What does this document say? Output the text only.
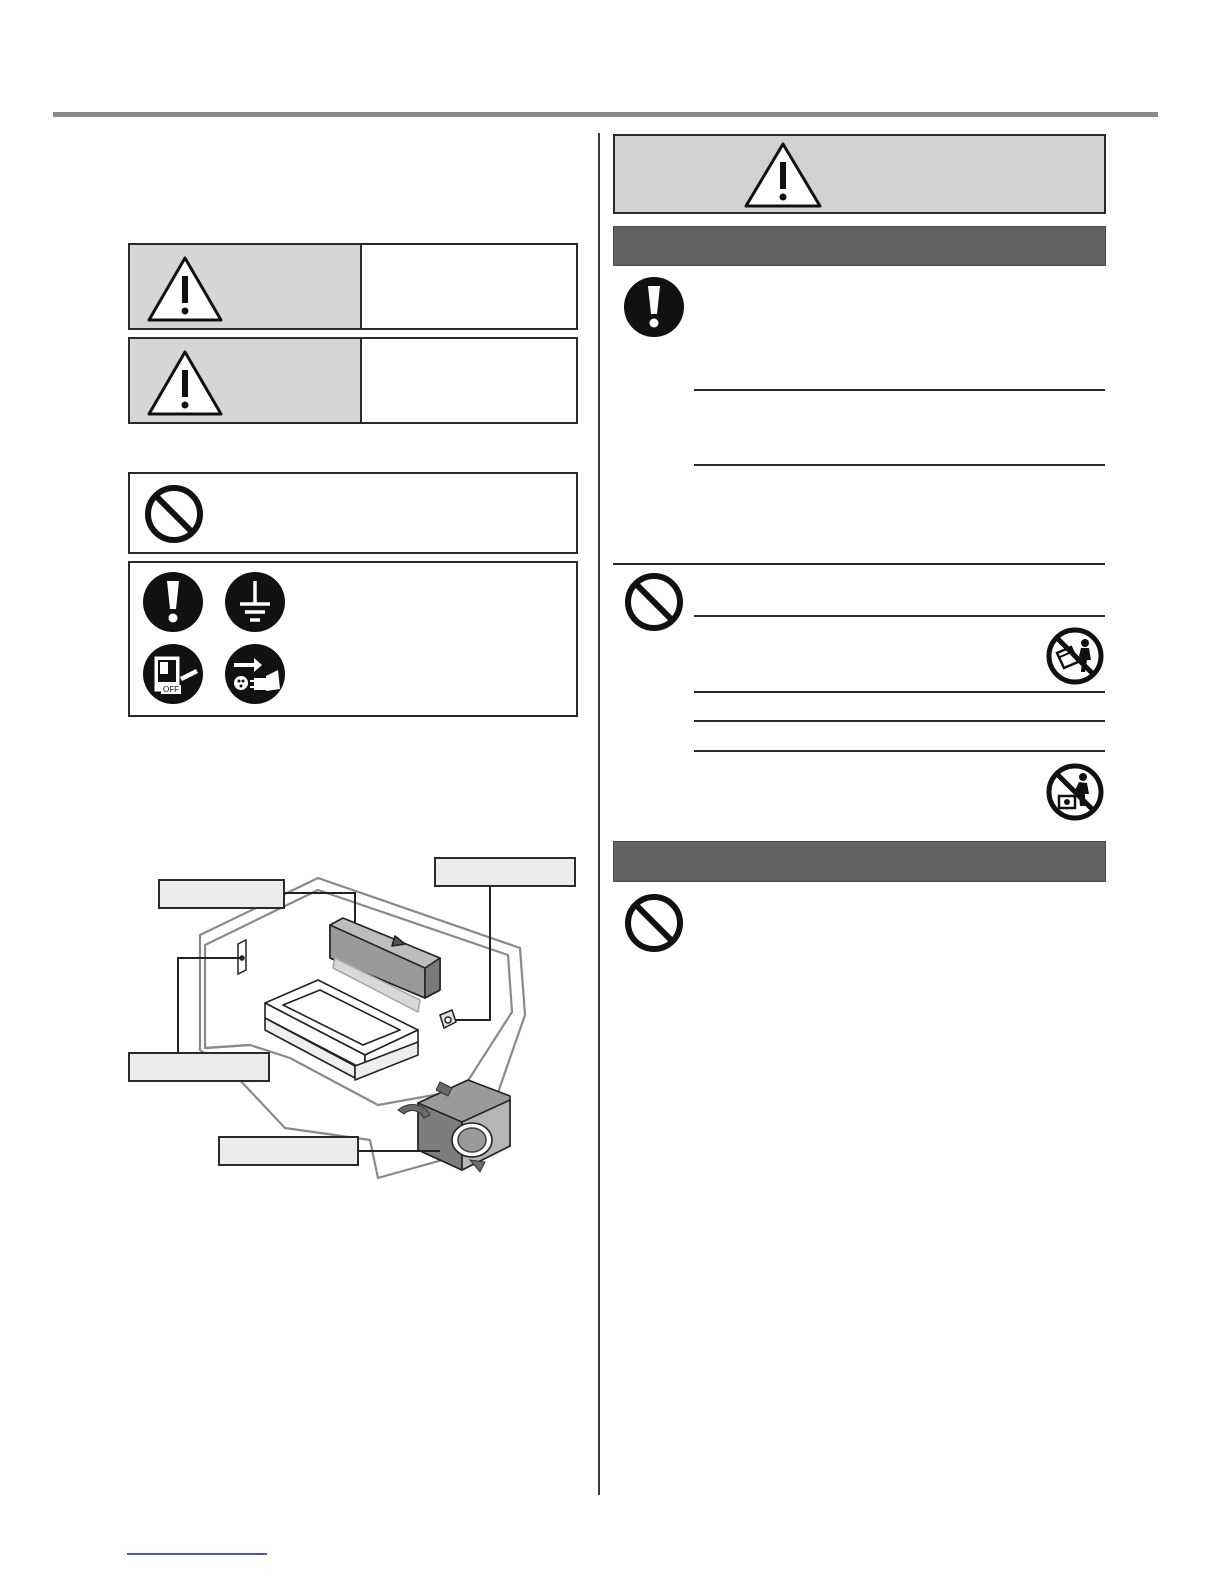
OFF
